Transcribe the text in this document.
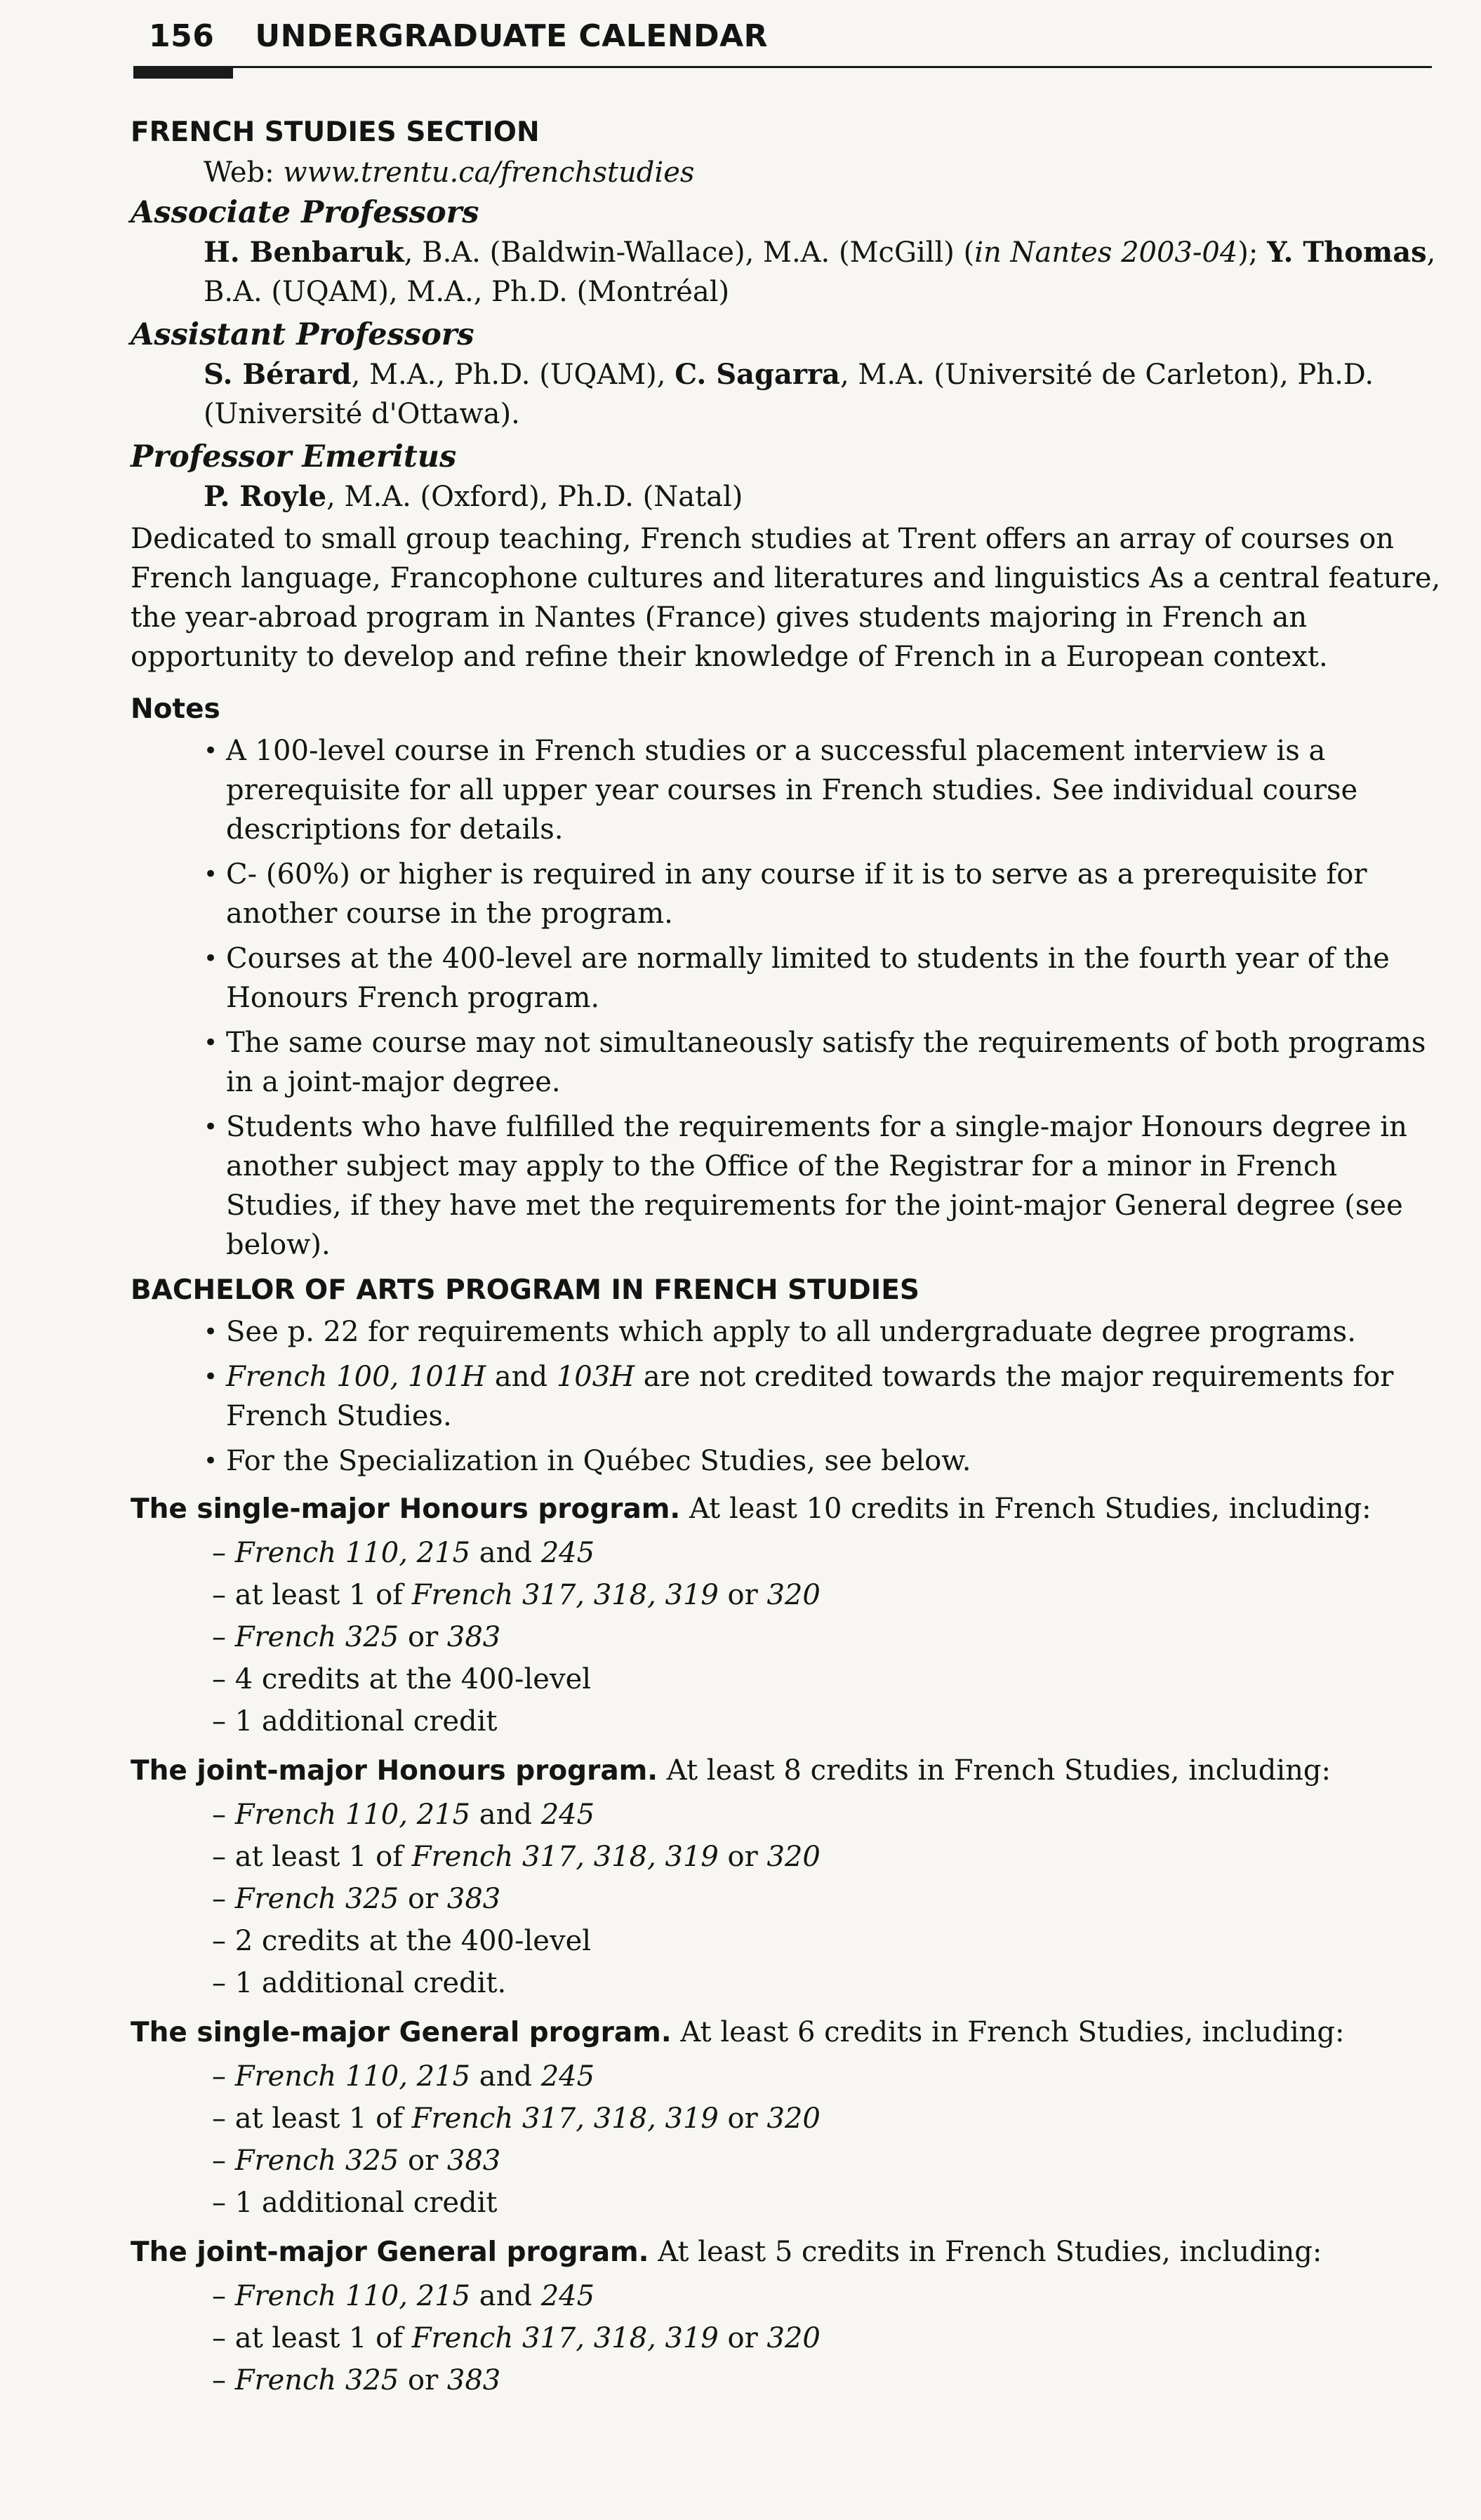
156 UNDERGRADUATE CALENDAR
FRENCH STUDIES SECTION

Web: www.trentu.ca/frenchstudies

Associate Professors

H. Benbaruk, B.A. (Baldwin-Wallace), M.A. (McGill) (in Nantes 2003-04); Y. Thomas, B.A. (UQAM), M.A., Ph.D. (Montréal)

Assistant Professors

S. Bérard, M.A., Ph.D. (UQAM), C. Sagarra, M.A. (Université de Carleton), Ph.D. (Université d'Ottawa).

Professor Emeritus

P. Royle, M.A. (Oxford), Ph.D. (Natal)

Dedicated to small group teaching, French studies at Trent offers an array of courses on French language, Francophone cultures and literatures and linguistics As a central feature, the year-abroad program in Nantes (France) gives students majoring in French an opportunity to develop and refine their knowledge of French in a European context.

Notes
• A 100-level course in French studies or a successful placement interview is a prerequisite for all upper year courses in French studies. See individual course descriptions for details.
• C- (60%) or higher is required in any course if it is to serve as a prerequisite for another course in the program.
• Courses at the 400-level are normally limited to students in the fourth year of the Honours French program.
• The same course may not simultaneously satisfy the requirements of both programs in a joint-major degree.
• Students who have fulfilled the requirements for a single-major Honours degree in another subject may apply to the Office of the Registrar for a minor in French Studies, if they have met the requirements for the joint-major General degree (see below).
BACHELOR OF ARTS PROGRAM IN FRENCH STUDIES
• See p. 22 for requirements which apply to all undergraduate degree programs.
• French 100, 101H and 103H are not credited towards the major requirements for French Studies.
• For the Specialization in Québec Studies, see below.

The single-major Honours program. At least 10 credits in French Studies, including:

– French 110, 215 and 245
– at least 1 of French 317, 318, 319 or 320
– French 325 or 383
– 4 credits at the 400-level
– 1 additional credit

The joint-major Honours program. At least 8 credits in French Studies, including:

– French 110, 215 and 245
– at least 1 of French 317, 318, 319 or 320
– French 325 or 383
– 2 credits at the 400-level
– 1 additional credit.

The single-major General program. At least 6 credits in French Studies, including:

– French 110, 215 and 245
– at least 1 of French 317, 318, 319 or 320
– French 325 or 383
– 1 additional credit

The joint-major General program. At least 5 credits in French Studies, including:

– French 110, 215 and 245
– at least 1 of French 317, 318, 319 or 320
– French 325 or 383
